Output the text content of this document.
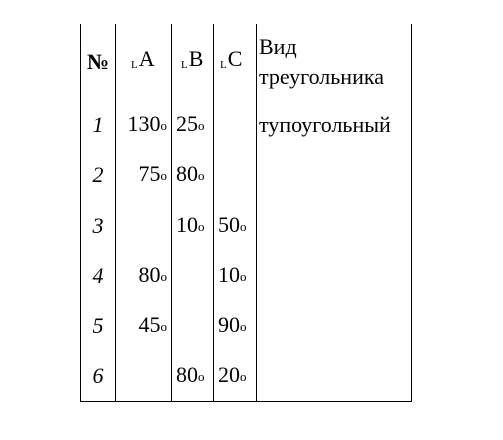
№	LА	LВ	LС	Вид
треугольника
1	130о	25о		тупоугольный
2	75о	80о		
3		10о	50о	
4	80о		10о	
5	45о		90о	
6		80о	20о	
